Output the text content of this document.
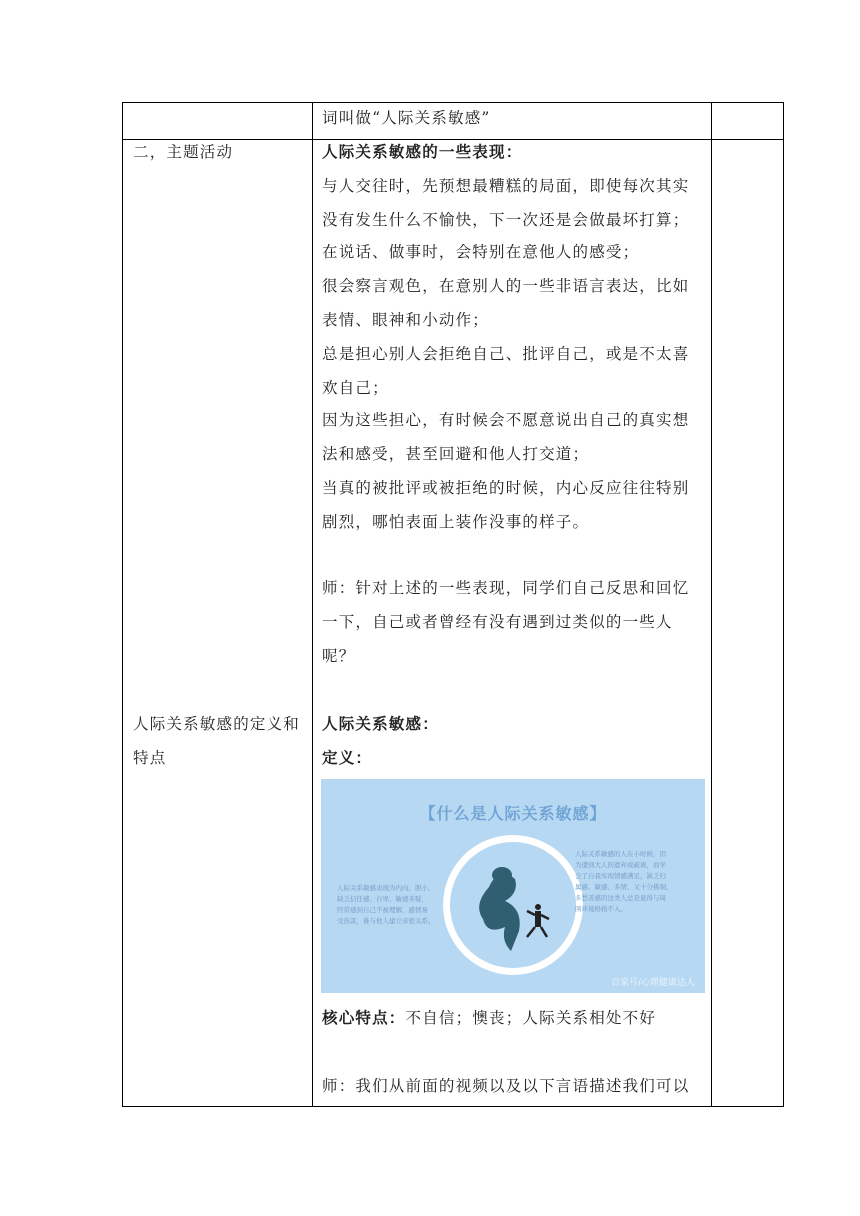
词叫做“人际关系敏感”
二，主题活动
人际关系敏感的定义和
特点
人际关系敏感的一些表现：
与人交往时，先预想最糟糕的局面，即使每次其实
没有发生什么不愉快，下一次还是会做最坏打算；
在说话、做事时，会特别在意他人的感受；
很会察言观色，在意别人的一些非语言表达，比如
表情、眼神和小动作；
总是担心别人会拒绝自己、批评自己，或是不太喜
欢自己；
因为这些担心，有时候会不愿意说出自己的真实想
法和感受，甚至回避和他人打交道；
当真的被批评或被拒绝的时候，内心反应往往特别
剧烈，哪怕表面上装作没事的样子。
师：针对上述的一些表现，同学们自己反思和回忆
一下，自己或者曾经有没有遇到过类似的一些人
呢？
人际关系敏感：
定义：
【什么是人际关系敏感】
人际关系敏感表现为内向、胆小、
缺乏信任感、自卑，敏感多疑，
经常感到自己不被理解，感情易
受伤害，难与他人建立亲密关系。
人际关系敏感的人在小时候，因
为遭到大人的遗弃或疏离，而学
会了自我实现情感满足，缺乏归
属感、敏感、多情，又十分挑剔，
多愁善感的这类人总是显得与周
围环境格格不入。
百家号/心理健康达人
核心特点：不自信；懊丧；人际关系相处不好
师：我们从前面的视频以及以下言语描述我们可以
